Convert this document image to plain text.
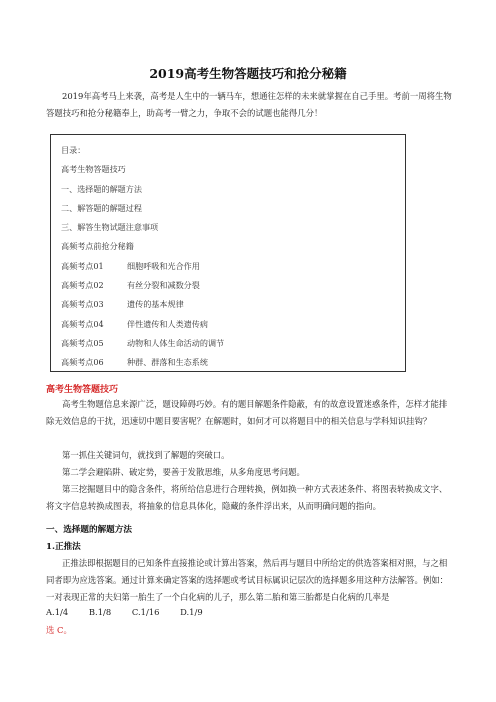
2019高考生物答题技巧和抢分秘籍

2019年高考马上来袭，高考是人生中的一辆马车，想通往怎样的未来就掌握在自己手里。考前一周将生物答题技巧和抢分秘籍奉上，助高考一臂之力，争取不会的试题也能得几分！

目录：
高考生物答题技巧
一、选择题的解题方法
二、解答题的解题过程
三、解答生物试题注意事项
高频考点前抢分秘籍
高频考点01	细胞呼吸和光合作用
高频考点02	有丝分裂和减数分裂
高频考点03	遗传的基本规律
高频考点04	伴性遗传和人类遗传病
高频考点05	动物和人体生命活动的调节
高频考点06	种群、群落和生态系统
高考生物答题技巧

高考生物题信息来源广泛，题设障碍巧妙。有的题目解题条件隐蔽，有的故意设置迷惑条件，怎样才能排除无效信息的干扰，迅速切中题目要害呢？在解题时，如何才可以将题目中的相关信息与学科知识挂钩？

第一抓住关键词句，就找到了解题的突破口。

第二学会避陷阱、破定势，要善于发散思维，从多角度思考问题。

第三挖掘题目中的隐含条件，将所给信息进行合理转换，例如换一种方式表述条件、将图表转换成文字、将文字信息转换成图表，将抽象的信息具体化，隐藏的条件浮出来，从而明确问题的指向。

一、选择题的解题方法
1.正推法

正推法即根据题目的已知条件直接推论或计算出答案，然后再与题目中所给定的供选答案相对照，与之相同者即为应选答案。通过计算来确定答案的选择题或考试目标属识记层次的选择题多用这种方法解答。例如：一对表现正常的夫妇第一胎生了一个白化病的儿子，那么第二胎和第三胎都是白化病的几率是

A.1/4 B.1/8 C.1/16 D.1/9
选 C。
